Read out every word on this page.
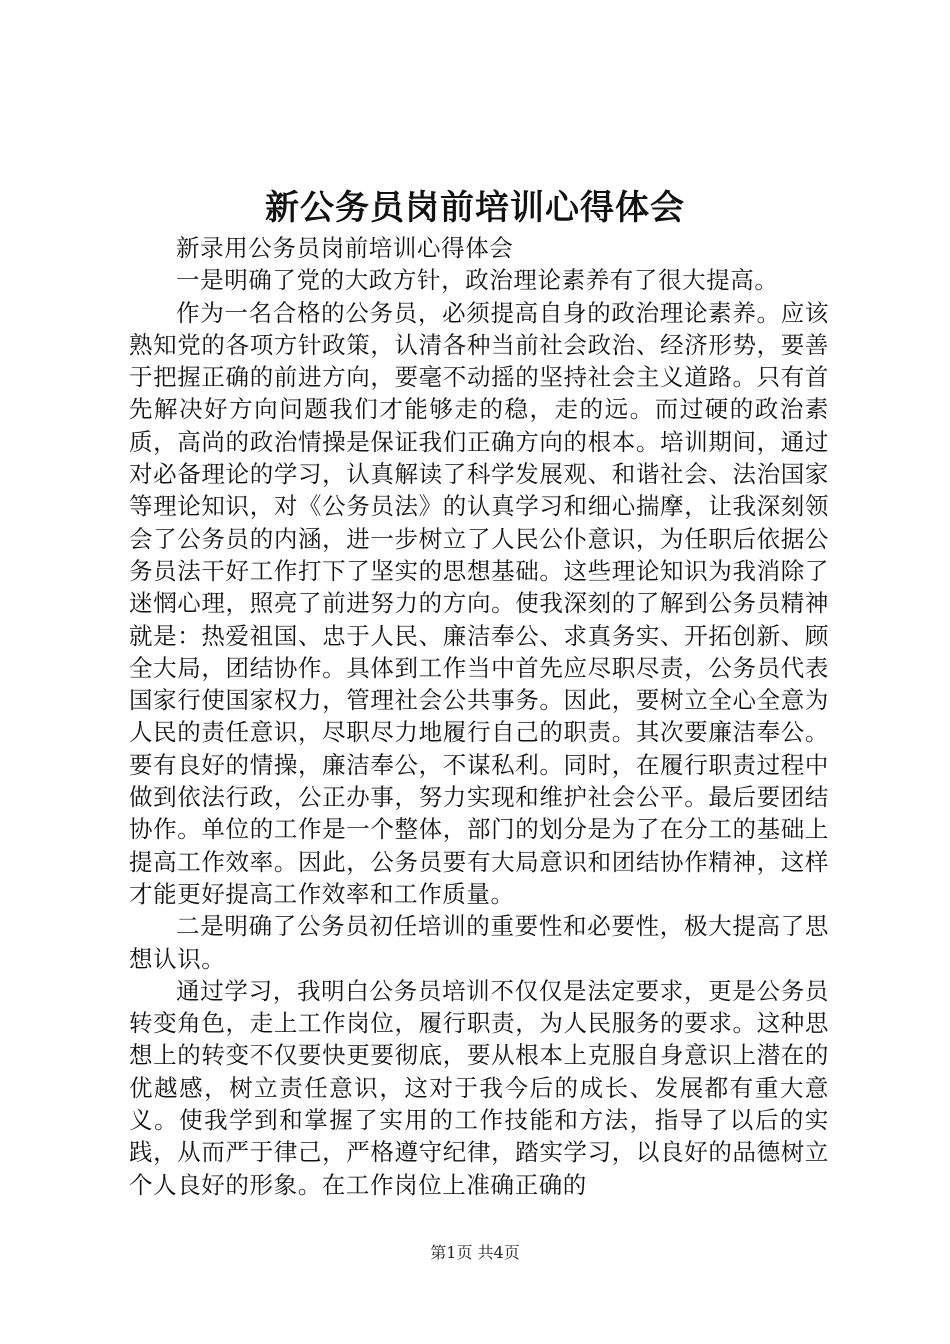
新公务员岗前培训心得体会

新录用公务员岗前培训心得体会

一是明确了党的大政方针，政治理论素养有了很大提高。

作为一名合格的公务员，必须提高自身的政治理论素养。应该熟知党的各项方针政策，认清各种当前社会政治、经济形势，要善于把握正确的前进方向，要毫不动摇的坚持社会主义道路。只有首先解决好方向问题我们才能够走的稳，走的远。而过硬的政治素质，高尚的政治情操是保证我们正确方向的根本。培训期间，通过对必备理论的学习，认真解读了科学发展观、和谐社会、法治国家等理论知识，对《公务员法》的认真学习和细心揣摩，让我深刻领会了公务员的内涵，进一步树立了人民公仆意识，为任职后依据公务员法干好工作打下了坚实的思想基础。这些理论知识为我消除了迷惘心理，照亮了前进努力的方向。使我深刻的了解到公务员精神就是：热爱祖国、忠于人民、廉洁奉公、求真务实、开拓创新、顾全大局，团结协作。具体到工作当中首先应尽职尽责，公务员代表国家行使国家权力，管理社会公共事务。因此，要树立全心全意为人民的责任意识，尽职尽力地履行自己的职责。其次要廉洁奉公。要有良好的情操，廉洁奉公，不谋私利。同时，在履行职责过程中做到依法行政，公正办事，努力实现和维护社会公平。最后要团结协作。单位的工作是一个整体，部门的划分是为了在分工的基础上提高工作效率。因此，公务员要有大局意识和团结协作精神，这样才能更好提高工作效率和工作质量。

二是明确了公务员初任培训的重要性和必要性，极大提高了思想认识。

通过学习，我明白公务员培训不仅仅是法定要求，更是公务员转变角色，走上工作岗位，履行职责，为人民服务的要求。这种思想上的转变不仅要快更要彻底，要从根本上克服自身意识上潜在的优越感，树立责任意识，这对于我今后的成长、发展都有重大意义。使我学到和掌握了实用的工作技能和方法，指导了以后的实践，从而严于律己，严格遵守纪律，踏实学习，以良好的品德树立个人良好的形象。在工作岗位上准确正确的

第1页 共4页
